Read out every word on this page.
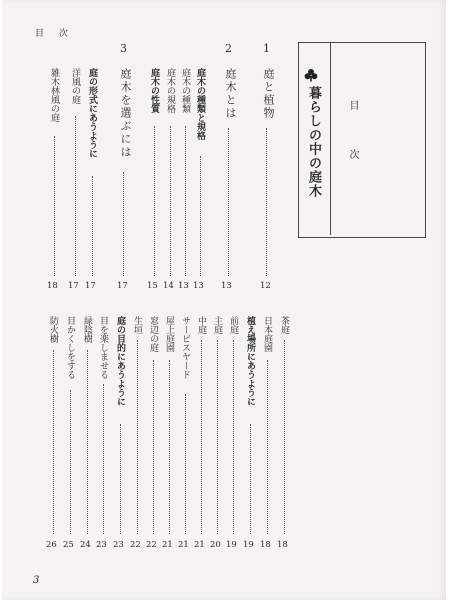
目 次
3
暮らしの中の庭木	目 次
1
庭と植物
12
2
庭木とは
13
庭木の種類と規格
13
庭木の種類
13
庭木の規格
14
庭木の性質
15
3
庭木を選ぶには
17
庭の形式にあうように
17
洋風の庭
17
雑木林風の庭
18
茶庭
18
日本庭園
18
植え場所にあうように
19
前庭
19
主庭
20
中庭
21
サービスヤード
21
屋上庭園
21
窓辺の庭
22
生垣
22
庭の目的にあうように
23
目を楽しませる
23
緑陰樹
24
目かくしをする
25
防火樹
26
